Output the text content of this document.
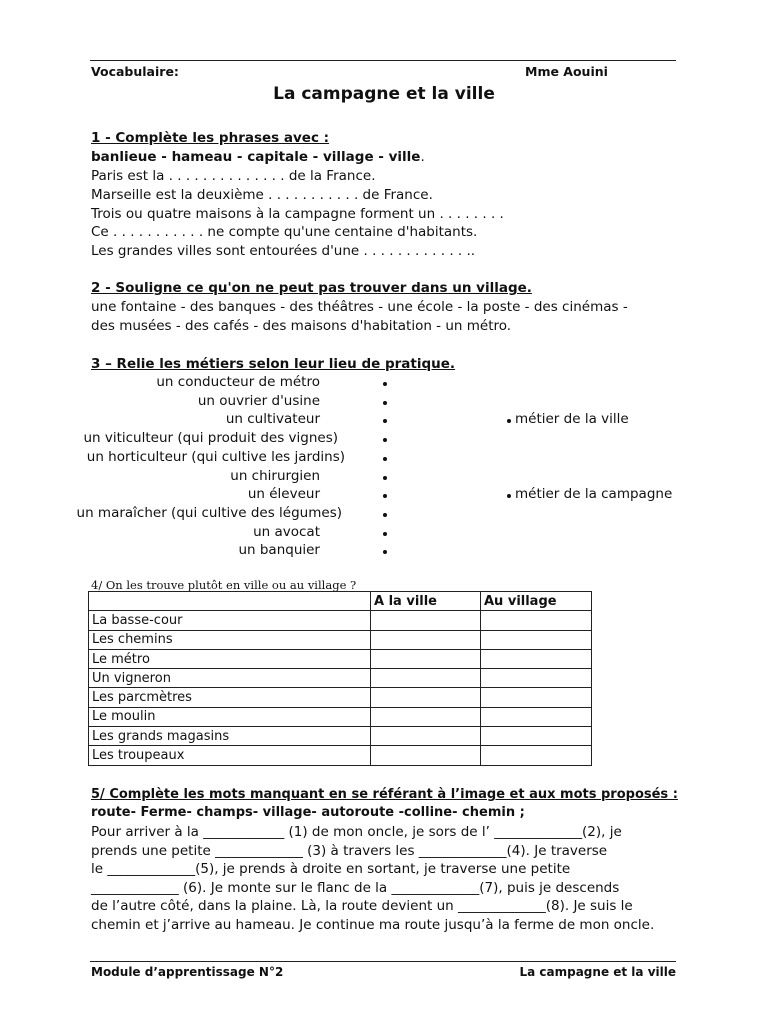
Vocabulaire:	Mme Aouini
La campagne et la ville
1 - Complète les phrases avec :
banlieue - hameau - capitale - village - ville.
Paris est la . . . . . . . . . . . . . . de la France.
Marseille est la deuxième . . . . . . . . . . . de France.
Trois ou quatre maisons à la campagne forment un . . . . . . . .
Ce . . . . . . . . . . . ne compte qu'une centaine d'habitants.
Les grandes villes sont entourées d'une . . . . . . . . . . . . ..
2 - Souligne ce qu'on ne peut pas trouver dans un village.
une fontaine - des banques - des théâtres - une école - la poste - des cinémas -
des musées - des cafés - des maisons d'habitation - un métro.
3 – Relie les métiers selon leur lieu de pratique.
un conducteur de métro
un ouvrier d'usine
un cultivateur
un viticulteur (qui produit des vignes)
un horticulteur (qui cultive les jardins)
un chirurgien
un éleveur
un maraîcher (qui cultive des légumes)
un avocat
un banquier
métier de la ville
métier de la campagne
4/ On les trouve plutôt en ville ou au village ?
	A la ville	Au village
La basse-cour		
Les chemins		
Le métro		
Un vigneron		
Les parcmètres		
Le moulin		
Les grands magasins		
Les troupeaux		
5/ Complète les mots manquant en se référant à l’image et aux mots proposés :
route- Ferme- champs- village- autoroute -colline- chemin ;
Pour arriver à la ____________ (1) de mon oncle, je sors de l’ _____________(2), je
prends une petite _____________ (3) à travers les _____________(4). Je traverse
le _____________(5), je prends à droite en sortant, je traverse une petite
_____________ (6). Je monte sur le flanc de la _____________(7), puis je descends
de l’autre côté, dans la plaine. Là, la route devient un _____________(8). Je suis le
chemin et j’arrive au hameau. Je continue ma route jusqu’à la ferme de mon oncle.
Module d’apprentissage N°2	La campagne et la ville
